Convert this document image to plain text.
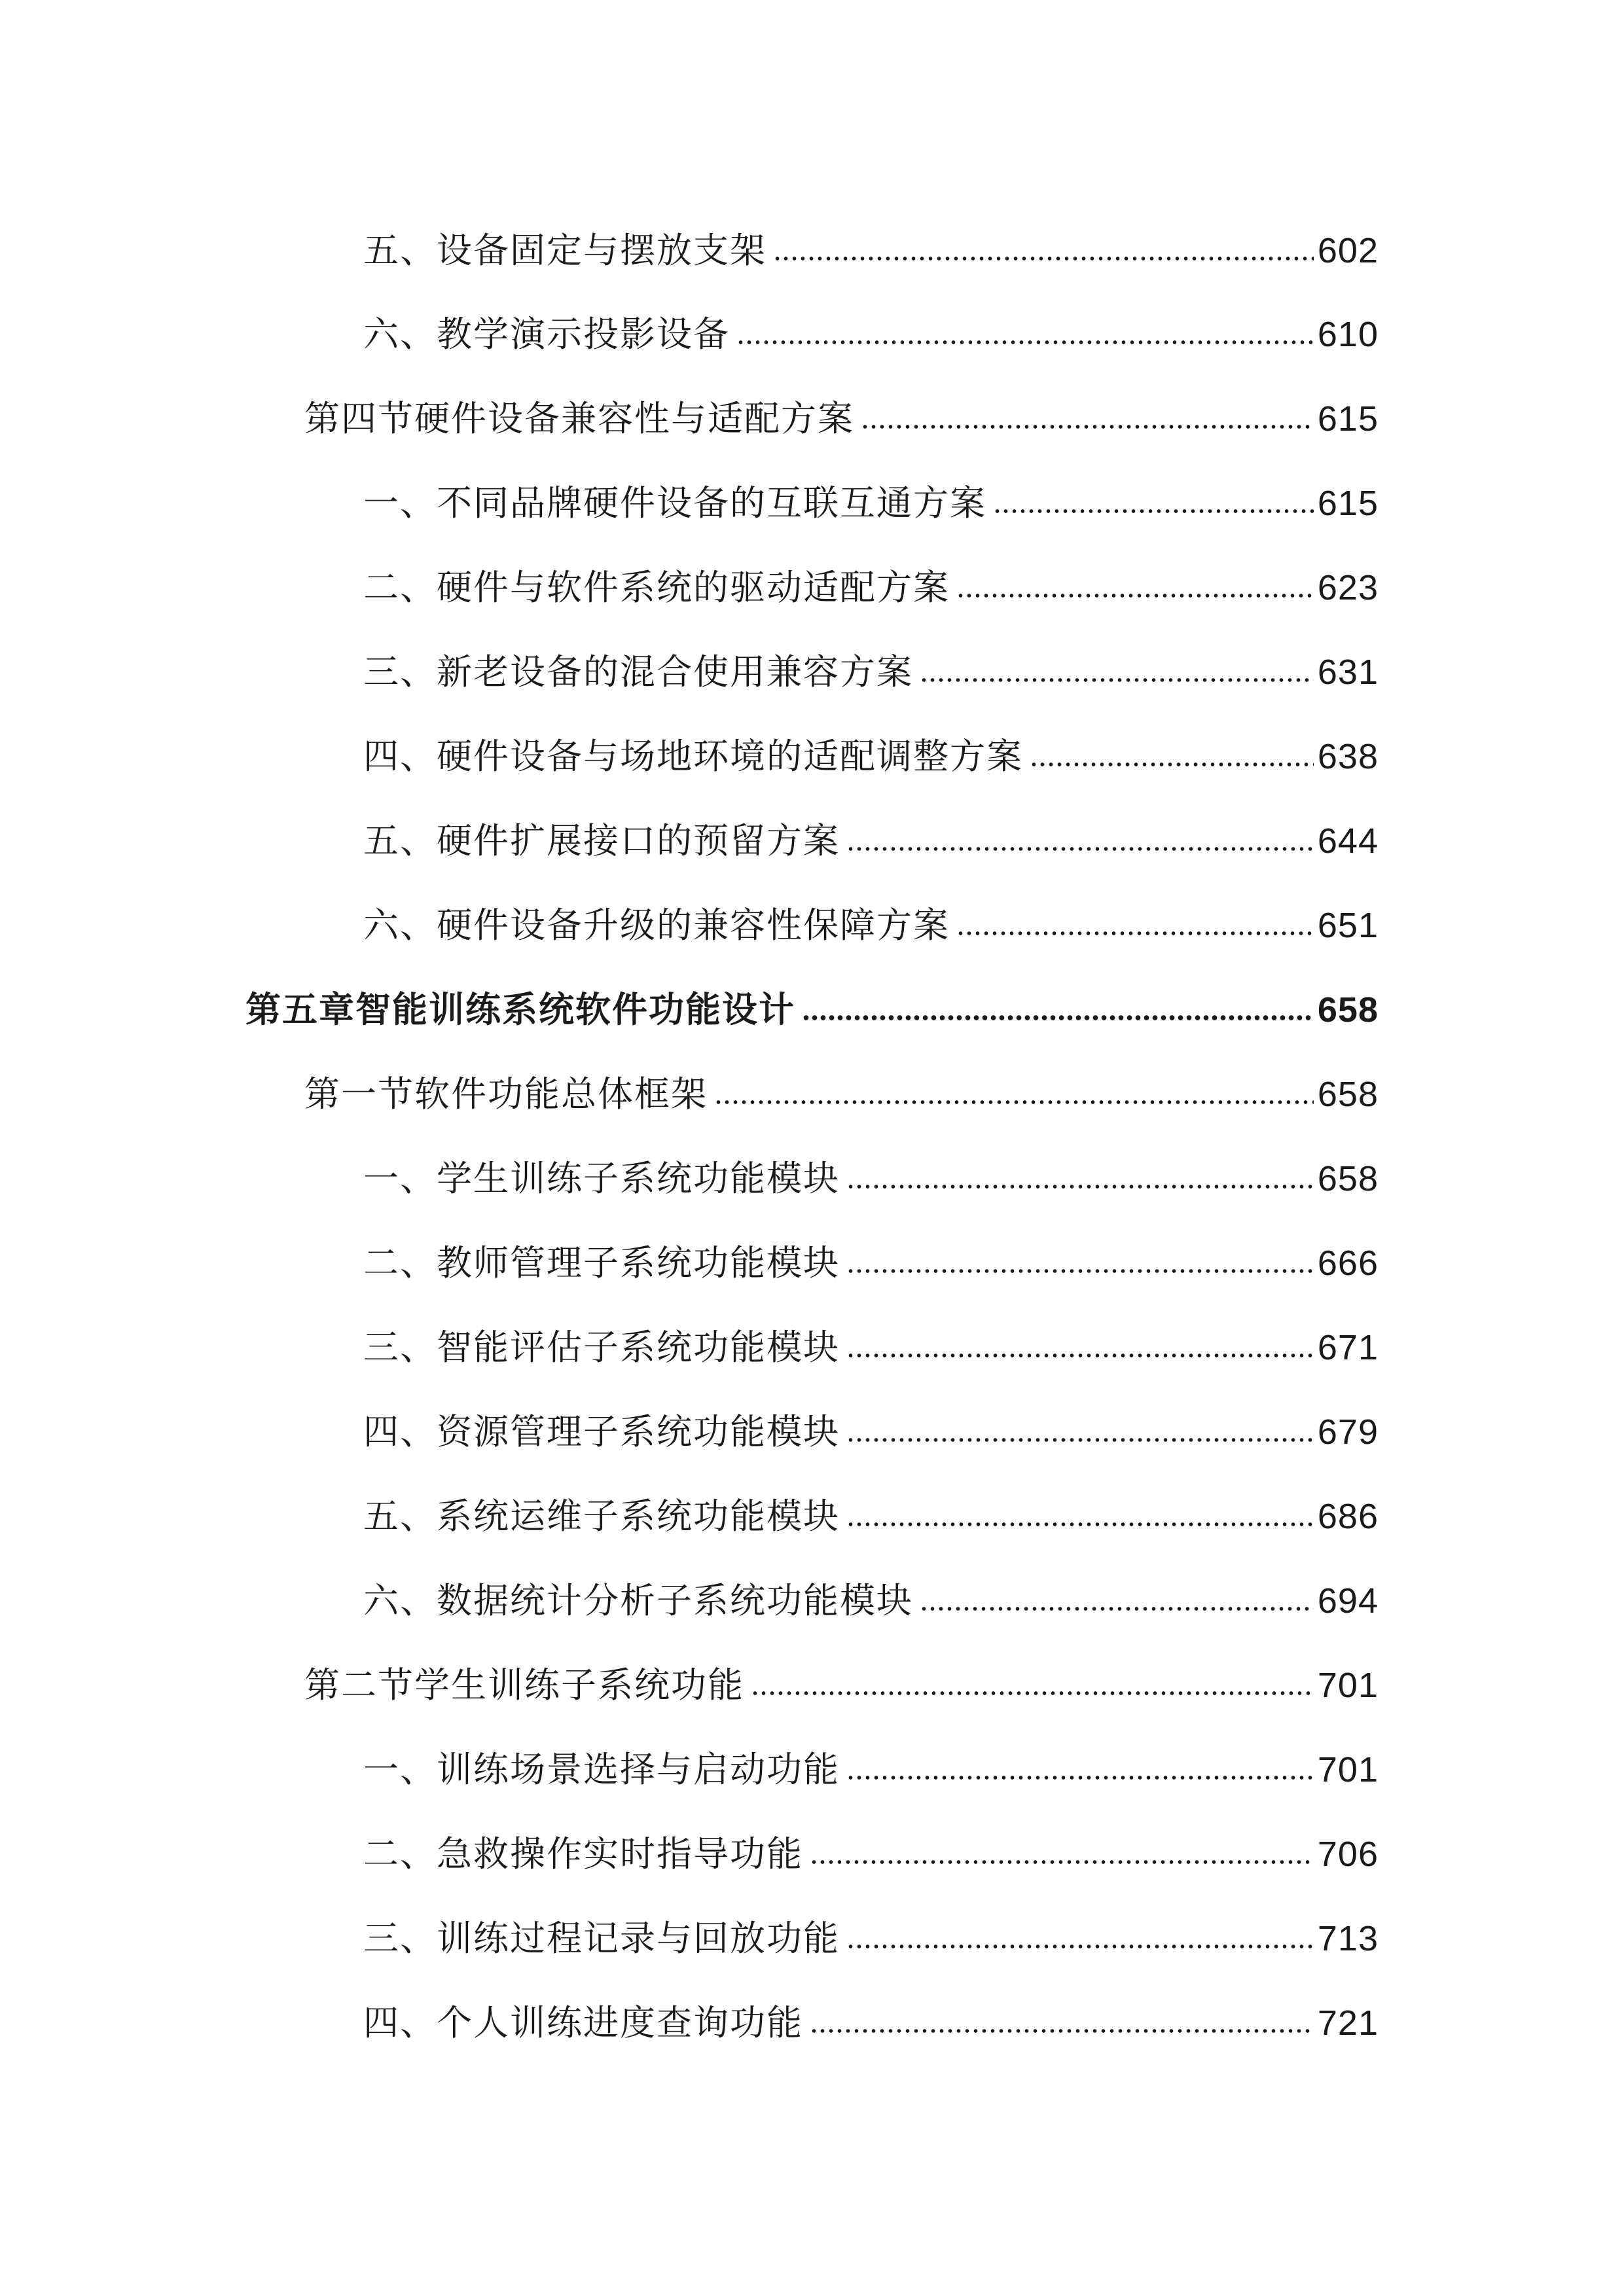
五、设备固定与摆放支架	602
六、教学演示投影设备	610
第四节硬件设备兼容性与适配方案	615
一、不同品牌硬件设备的互联互通方案	615
二、硬件与软件系统的驱动适配方案	623
三、新老设备的混合使用兼容方案	631
四、硬件设备与场地环境的适配调整方案	638
五、硬件扩展接口的预留方案	644
六、硬件设备升级的兼容性保障方案	651
第五章智能训练系统软件功能设计	658
第一节软件功能总体框架	658
一、学生训练子系统功能模块	658
二、教师管理子系统功能模块	666
三、智能评估子系统功能模块	671
四、资源管理子系统功能模块	679
五、系统运维子系统功能模块	686
六、数据统计分析子系统功能模块	694
第二节学生训练子系统功能	701
一、训练场景选择与启动功能	701
二、急救操作实时指导功能	706
三、训练过程记录与回放功能	713
四、个人训练进度查询功能	721
